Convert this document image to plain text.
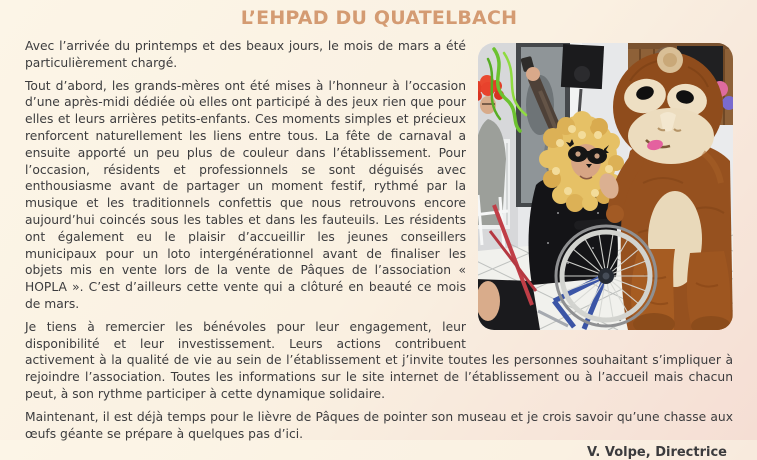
L’EHPAD DU QUATELBACH

Avec l’arrivée du printemps et des beaux jours, le mois de mars a été particulièrement chargé.

Tout d’abord, les grands-mères ont été mises à l’honneur à l’occasion d’une après-midi dédiée où elles ont participé à des jeux rien que pour elles et leurs arrières petits-enfants. Ces moments simples et précieux renforcent naturellement les liens entre tous. La fête de carnaval a ensuite apporté un peu plus de couleur dans l’établissement. Pour l’occasion, résidents et professionnels se sont déguisés avec enthousiasme avant de partager un moment festif, rythmé par la musique et les traditionnels confettis que nous retrouvons encore aujourd’hui coincés sous les tables et dans les fauteuils. Les résidents ont également eu le plaisir d’accueillir les jeunes conseillers municipaux pour un loto intergénérationnel avant de finaliser les objets mis en vente lors de la vente de Pâques de l’association « HOPLA ». C’est d’ailleurs cette vente qui a clôturé en beauté ce mois de mars.

Je tiens à remercier les bénévoles pour leur engagement, leur disponibilité et leur investissement. Leurs actions contribuent activement à la qualité de vie au sein de l’établissement et j’invite toutes les personnes souhaitant s’impliquer à rejoindre l’association. Toutes les informations sur le site internet de l’établissement ou à l’accueil mais chacun peut, à son rythme participer à cette dynamique solidaire.

Maintenant, il est déjà temps pour le lièvre de Pâques de pointer son museau et je crois savoir qu’une chasse aux œufs géante se prépare à quelques pas d’ici.

V. Volpe, Directrice
